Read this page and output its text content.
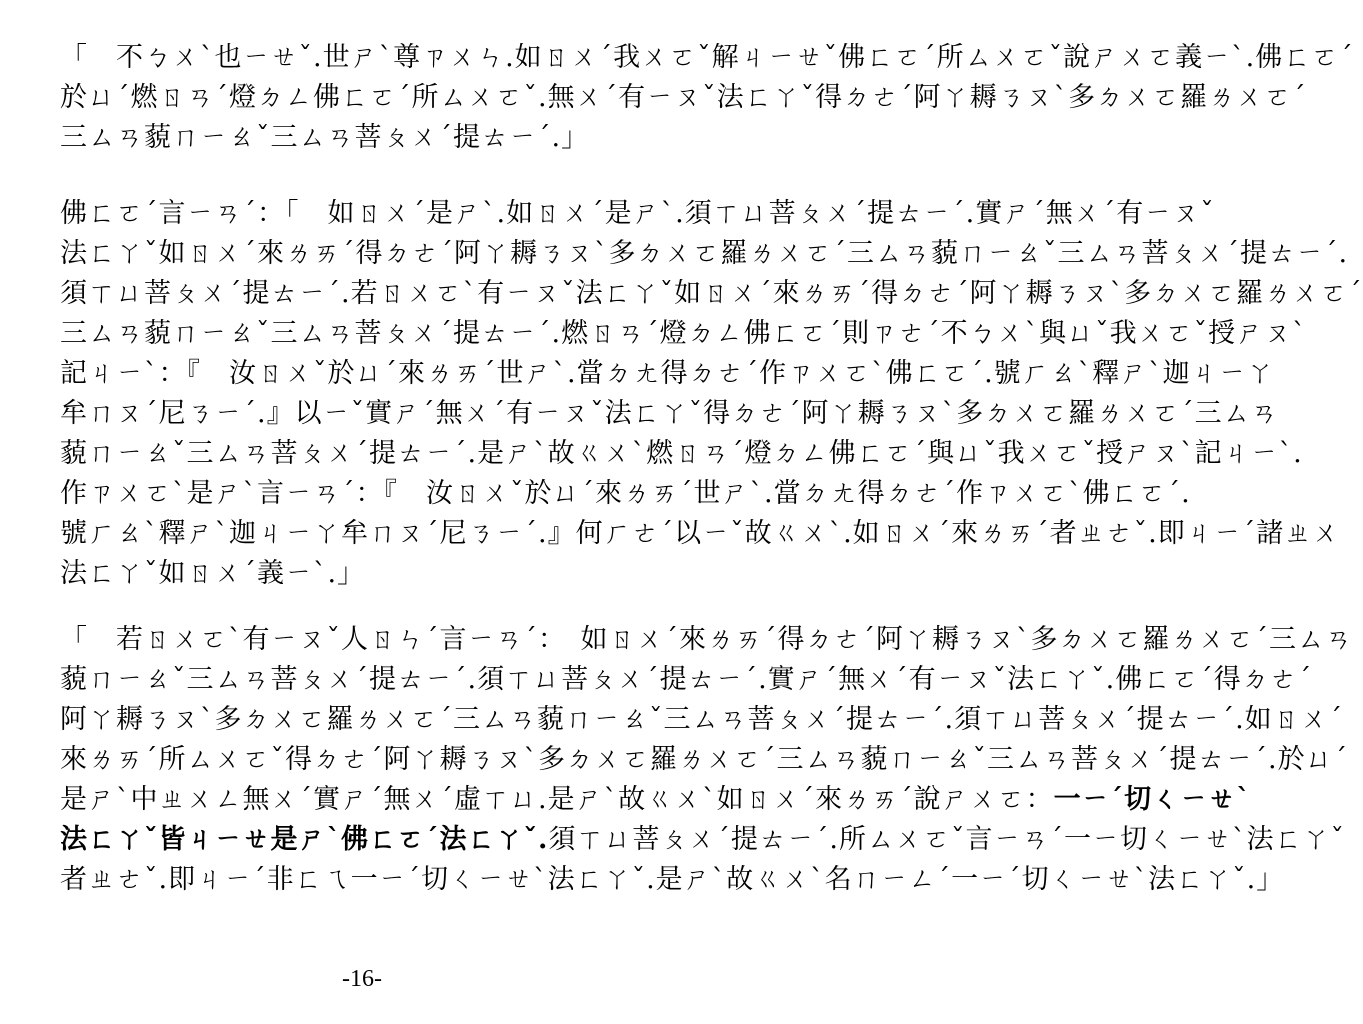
「　不ㄅㄨˋ也ㄧㄝˇ.世ㄕˋ尊ㄗㄨㄣ.如ㄖㄨˊ我ㄨㄛˇ解ㄐㄧㄝˇ佛ㄈㄛˊ所ㄙㄨㄛˇ說ㄕㄨㄛ義ㄧˋ.佛ㄈㄛˊ
於ㄩˊ燃ㄖㄢˊ燈ㄉㄥ佛ㄈㄛˊ所ㄙㄨㄛˇ.無ㄨˊ有ㄧㄡˇ法ㄈㄚˇ得ㄉㄜˊ阿ㄚ耨ㄋㄡˋ多ㄉㄨㄛ羅ㄌㄨㄛˊ
三ㄙㄢ藐ㄇㄧㄠˇ三ㄙㄢ菩ㄆㄨˊ提ㄊㄧˊ.」
佛ㄈㄛˊ言ㄧㄢˊ：「　如ㄖㄨˊ是ㄕˋ.如ㄖㄨˊ是ㄕˋ.須ㄒㄩ菩ㄆㄨˊ提ㄊㄧˊ.實ㄕˊ無ㄨˊ有ㄧㄡˇ
法ㄈㄚˇ如ㄖㄨˊ來ㄌㄞˊ得ㄉㄜˊ阿ㄚ耨ㄋㄡˋ多ㄉㄨㄛ羅ㄌㄨㄛˊ三ㄙㄢ藐ㄇㄧㄠˇ三ㄙㄢ菩ㄆㄨˊ提ㄊㄧˊ.
須ㄒㄩ菩ㄆㄨˊ提ㄊㄧˊ.若ㄖㄨㄛˋ有ㄧㄡˇ法ㄈㄚˇ如ㄖㄨˊ來ㄌㄞˊ得ㄉㄜˊ阿ㄚ耨ㄋㄡˋ多ㄉㄨㄛ羅ㄌㄨㄛˊ
三ㄙㄢ藐ㄇㄧㄠˇ三ㄙㄢ菩ㄆㄨˊ提ㄊㄧˊ.燃ㄖㄢˊ燈ㄉㄥ佛ㄈㄛˊ則ㄗㄜˊ不ㄅㄨˋ與ㄩˇ我ㄨㄛˇ授ㄕㄡˋ
記ㄐㄧˋ：『　汝ㄖㄨˇ於ㄩˊ來ㄌㄞˊ世ㄕˋ.當ㄉㄤ得ㄉㄜˊ作ㄗㄨㄛˋ佛ㄈㄛˊ.號ㄏㄠˋ釋ㄕˋ迦ㄐㄧㄚ
牟ㄇㄡˊ尼ㄋㄧˊ.』以ㄧˇ實ㄕˊ無ㄨˊ有ㄧㄡˇ法ㄈㄚˇ得ㄉㄜˊ阿ㄚ耨ㄋㄡˋ多ㄉㄨㄛ羅ㄌㄨㄛˊ三ㄙㄢ
藐ㄇㄧㄠˇ三ㄙㄢ菩ㄆㄨˊ提ㄊㄧˊ.是ㄕˋ故ㄍㄨˋ燃ㄖㄢˊ燈ㄉㄥ佛ㄈㄛˊ與ㄩˇ我ㄨㄛˇ授ㄕㄡˋ記ㄐㄧˋ.
作ㄗㄨㄛˋ是ㄕˋ言ㄧㄢˊ：『　汝ㄖㄨˇ於ㄩˊ來ㄌㄞˊ世ㄕˋ.當ㄉㄤ得ㄉㄜˊ作ㄗㄨㄛˋ佛ㄈㄛˊ.
號ㄏㄠˋ釋ㄕˋ迦ㄐㄧㄚ牟ㄇㄡˊ尼ㄋㄧˊ.』何ㄏㄜˊ以ㄧˇ故ㄍㄨˋ.如ㄖㄨˊ來ㄌㄞˊ者ㄓㄜˇ.即ㄐㄧˊ諸ㄓㄨ
法ㄈㄚˇ如ㄖㄨˊ義ㄧˋ.」
「　若ㄖㄨㄛˋ有ㄧㄡˇ人ㄖㄣˊ言ㄧㄢˊ：　如ㄖㄨˊ來ㄌㄞˊ得ㄉㄜˊ阿ㄚ耨ㄋㄡˋ多ㄉㄨㄛ羅ㄌㄨㄛˊ三ㄙㄢ
藐ㄇㄧㄠˇ三ㄙㄢ菩ㄆㄨˊ提ㄊㄧˊ.須ㄒㄩ菩ㄆㄨˊ提ㄊㄧˊ.實ㄕˊ無ㄨˊ有ㄧㄡˇ法ㄈㄚˇ.佛ㄈㄛˊ得ㄉㄜˊ
阿ㄚ耨ㄋㄡˋ多ㄉㄨㄛ羅ㄌㄨㄛˊ三ㄙㄢ藐ㄇㄧㄠˇ三ㄙㄢ菩ㄆㄨˊ提ㄊㄧˊ.須ㄒㄩ菩ㄆㄨˊ提ㄊㄧˊ.如ㄖㄨˊ
來ㄌㄞˊ所ㄙㄨㄛˇ得ㄉㄜˊ阿ㄚ耨ㄋㄡˋ多ㄉㄨㄛ羅ㄌㄨㄛˊ三ㄙㄢ藐ㄇㄧㄠˇ三ㄙㄢ菩ㄆㄨˊ提ㄊㄧˊ.於ㄩˊ
是ㄕˋ中ㄓㄨㄥ無ㄨˊ實ㄕˊ無ㄨˊ虛ㄒㄩ.是ㄕˋ故ㄍㄨˋ如ㄖㄨˊ來ㄌㄞˊ說ㄕㄨㄛ：一ㄧˊ切ㄑㄧㄝˋ
法ㄈㄚˇ皆ㄐㄧㄝ是ㄕˋ佛ㄈㄛˊ法ㄈㄚˇ.須ㄒㄩ菩ㄆㄨˊ提ㄊㄧˊ.所ㄙㄨㄛˇ言ㄧㄢˊ一ㄧ切ㄑㄧㄝˋ法ㄈㄚˇ
者ㄓㄜˇ.即ㄐㄧˊ非ㄈㄟ一ㄧˊ切ㄑㄧㄝˋ法ㄈㄚˇ.是ㄕˋ故ㄍㄨˋ名ㄇㄧㄥˊ一ㄧˊ切ㄑㄧㄝˋ法ㄈㄚˇ.」
-16-
